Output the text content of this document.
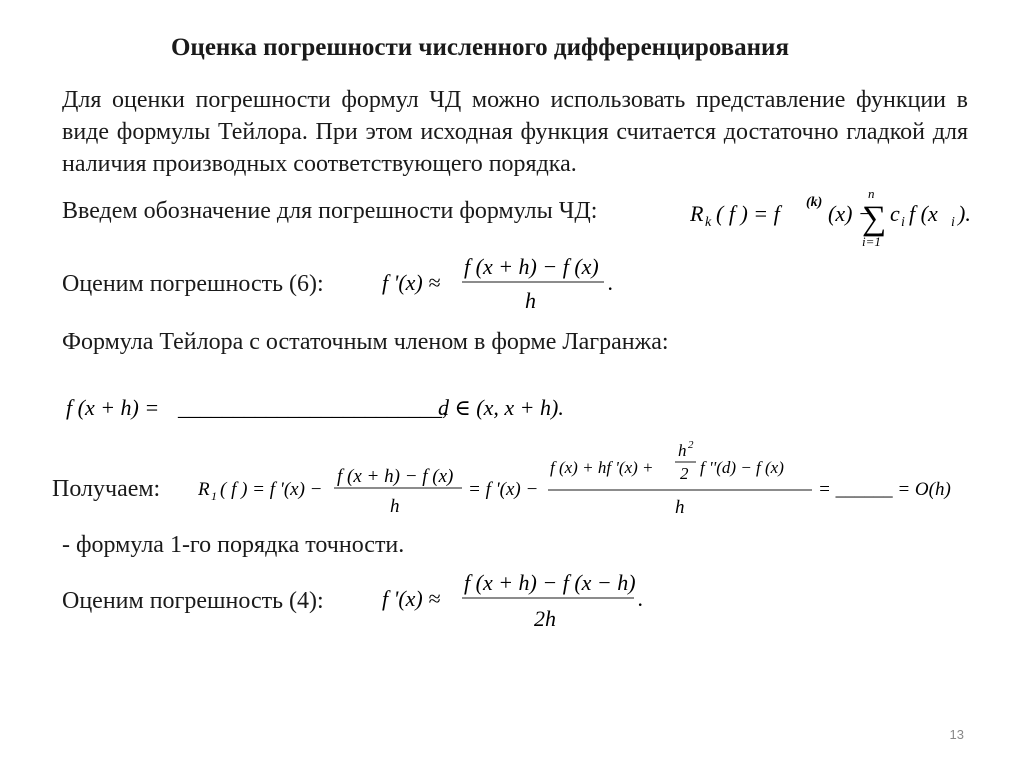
Оценка погрешности численного дифференцирования
Для оценки погрешности формул ЧД можно использовать представление функции в виде формулы Тейлора. При этом исходная функция считается достаточно гладкой для наличия производных соответствующего порядка.
Введем обозначение для погрешности формулы ЧД:	R k ( f ) = f (k) (x) −
n
∑
i=1
c i f (x i ).
Оценим погрешность (6):	f '(x) ≈
f (x + h) − f (x)
h
.
Формула Тейлора с остаточным членом в форме Лагранжа:
f (x + h) = ________________________,
d ∈ (x, x + h).
Получаем: R 1 ( f ) = f '(x) −
f (x + h) − f (x)
h
= f '(x) −
f (x) + hf '(x) +
h 2
2 f ''(d) − f (x)
h
= ______ = O(h)
- формула 1-го порядка точности.
Оценим погрешность (4):	f '(x) ≈
f (x + h) − f (x − h)
2h
.
13
